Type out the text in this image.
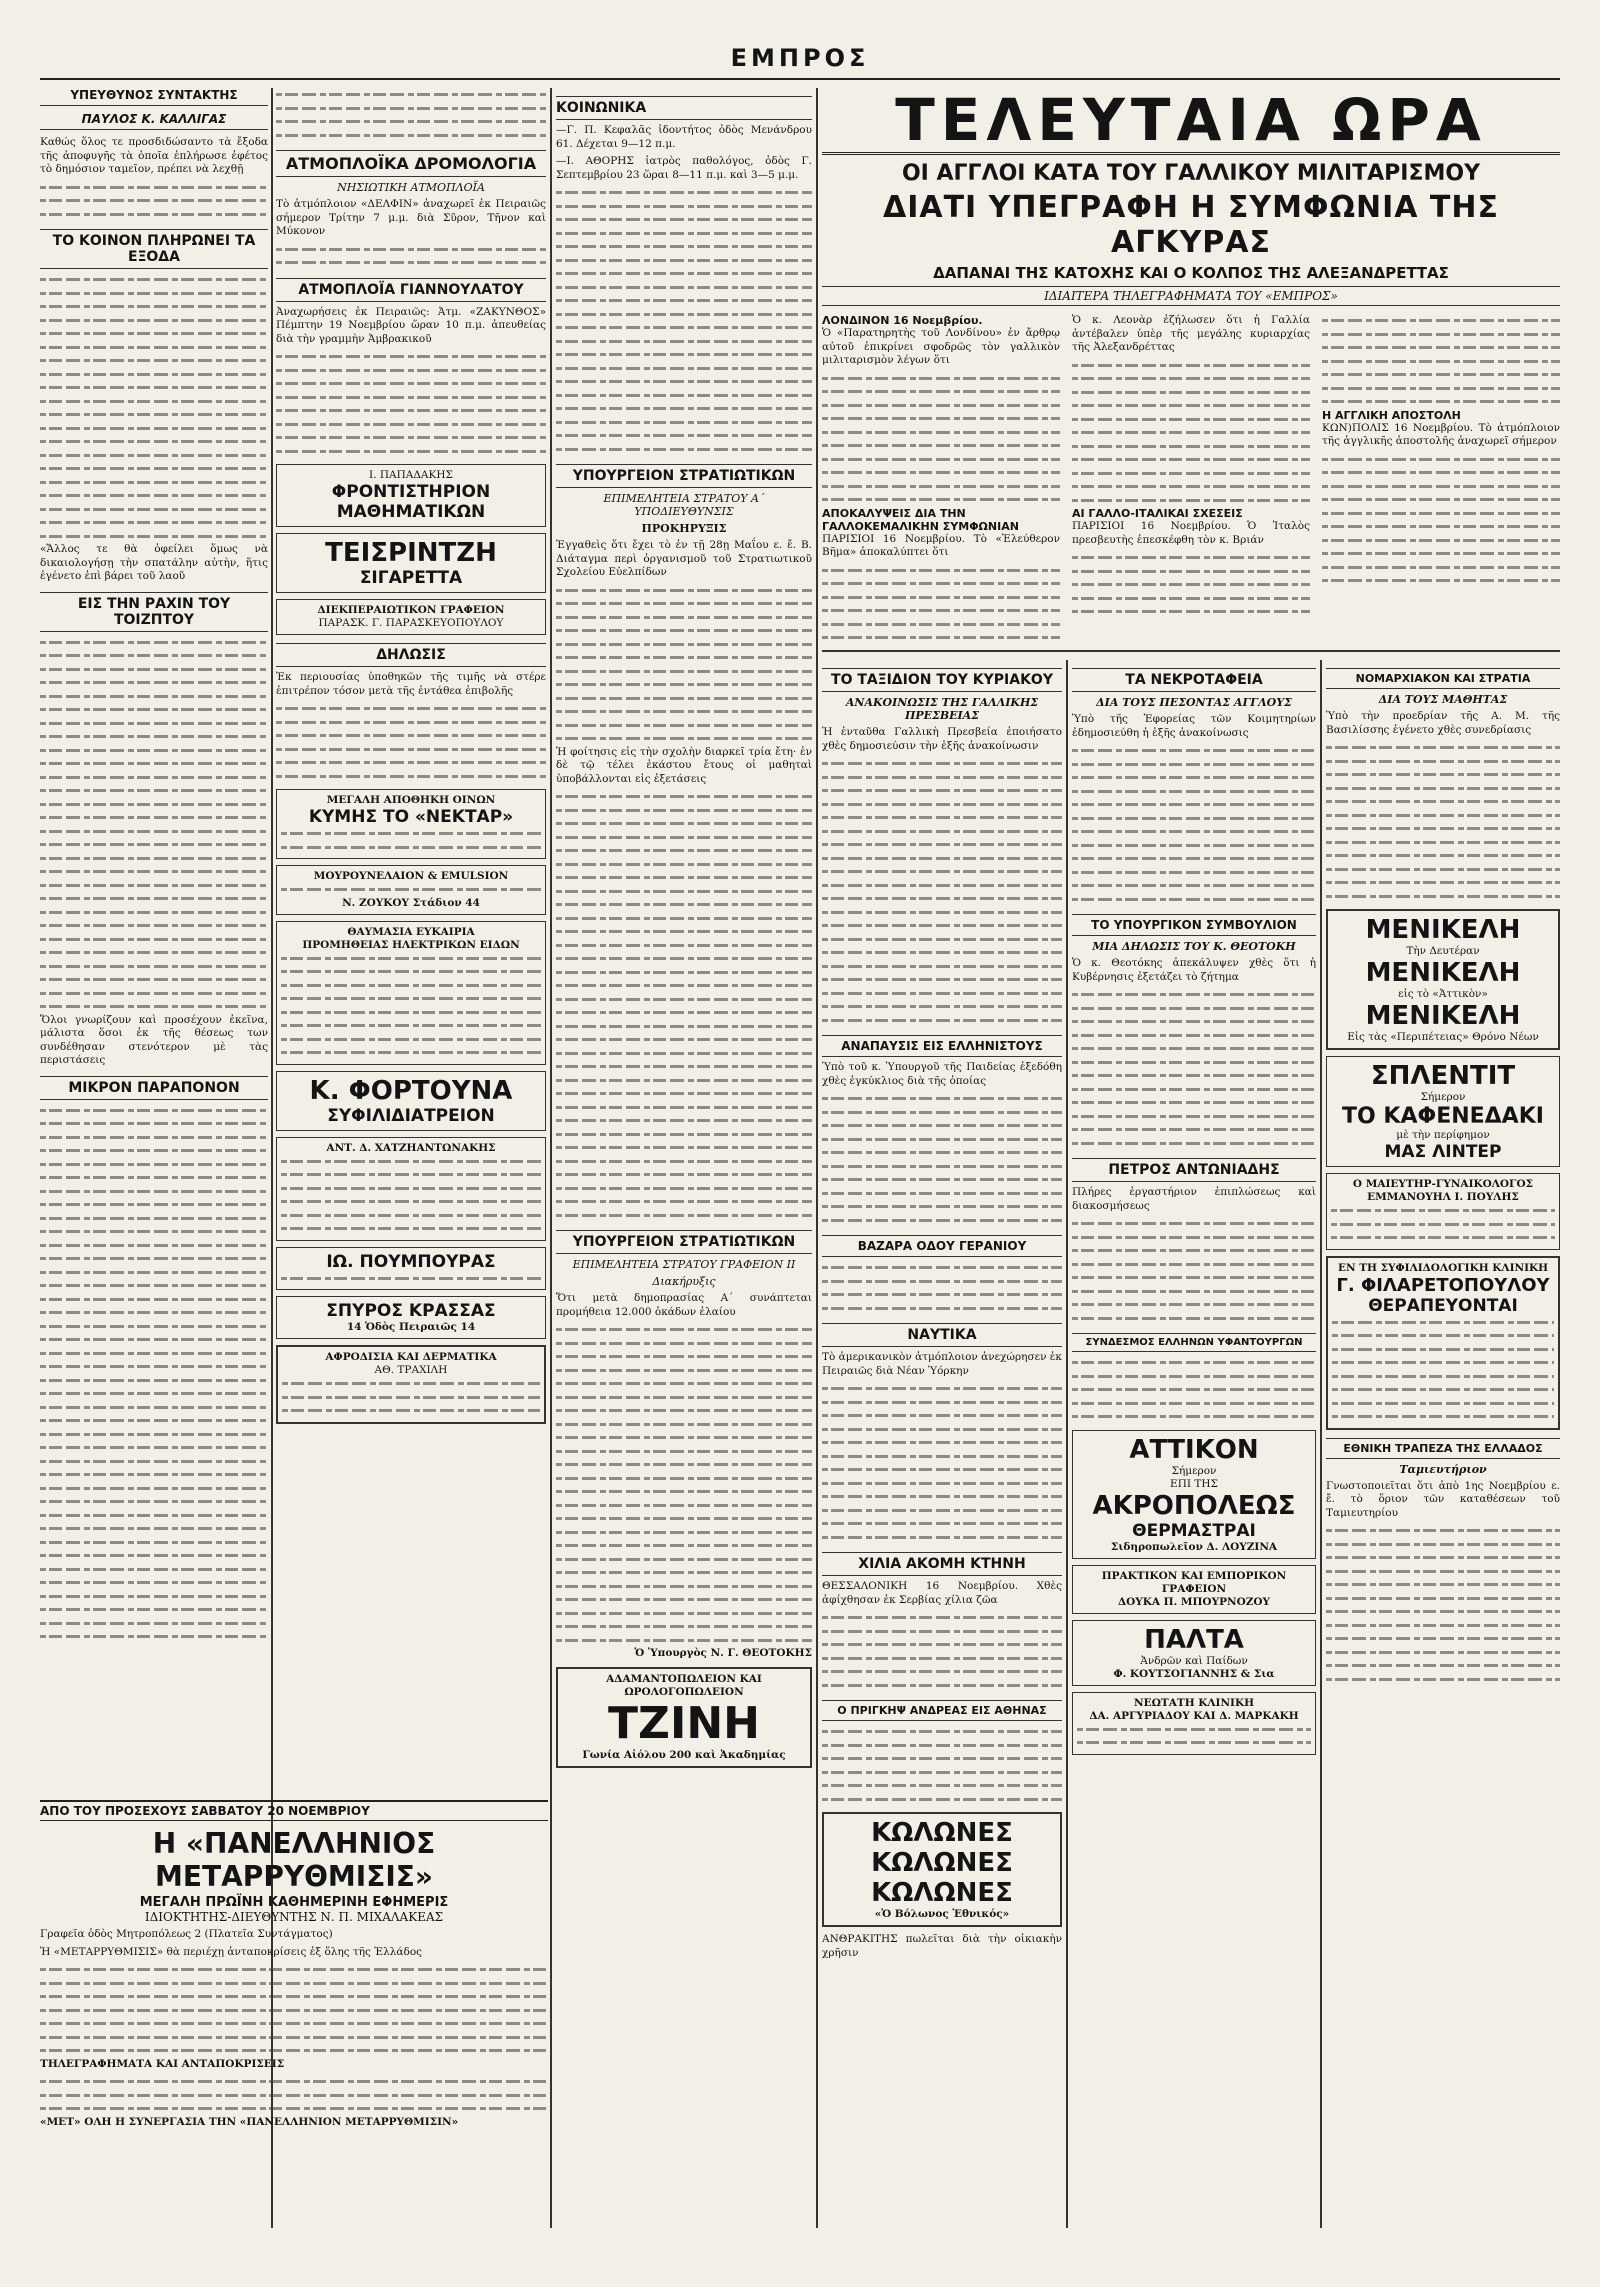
ΕΜΠΡΟΣ
ΥΠΕΥΘΥΝΟΣ ΣΥΝΤΑΚΤΗΣ
ΠΑΥΛΟΣ Κ. ΚΑΛΛΙΓΑΣ

Καθώς ὅλος τε προσδιδώσαντο τὰ ἔξοδα τῆς ἀποφυγῆς τὰ ὁποῖα ἐπλήρωσε ἐφέτος τὸ δημόσιον ταμεῖον, πρέπει νὰ λεχθῇ

ΤΟ ΚΟΙΝΟΝ ΠΛΗΡΩΝΕΙ ΤΑ ΕΞΟΔΑ

«Ἄλλος τε θὰ ὀφείλει ὅμως νὰ δικαιολογήσῃ τὴν σπατάλην αὐτὴν, ἥτις ἐγένετο ἐπὶ βάρει τοῦ λαοῦ

ΕΙΣ ΤΗΝ ΡΑΧΙΝ ΤΟΥ ΤΟΙΖΠΤΟΥ

Ὅλοι γνωρίζουν καὶ προσέχουν ἐκεῖνα, μάλιστα ὅσοι ἐκ τῆς θέσεως των συνδέθησαν στενότερον μὲ τὰς περιστάσεις

ΜΙΚΡΟΝ ΠΑΡΑΠΟΝΟΝ
ΑΠΟ ΤΟΥ ΠΡΟΣΕΧΟΥΣ ΣΑΒΒΑΤΟΥ 20 ΝΟΕΜΒΡΙΟΥ
Η «ΠΑΝΕΛΛΗΝΙΟΣ ΜΕΤΑΡΡΥΘΜΙΣΙΣ»
ΜΕΓΑΛΗ ΠΡΩΪΝΗ ΚΑΘΗΜΕΡΙΝΗ ΕΦΗΜΕΡΙΣ
ΙΔΙΟΚΤΗΤΗΣ-ΔΙΕΥΘΥΝΤΗΣ Ν. Π. ΜΙΧΑΛΑΚΕΑΣ

Γραφεῖα ὁδὸς Μητροπόλεως 2 (Πλατεῖα Συντάγματος)

Ἡ «ΜΕΤΑΡΡΥΘΜΙΣΙΣ» θὰ περιέχῃ ἀνταποκρίσεις ἐξ ὅλης τῆς Ἑλλάδος

ΤΗΛΕΓΡΑΦΗΜΑΤΑ ΚΑΙ ΑΝΤΑΠΟΚΡΙΣΕΙΣ

«ΜΕΤ» ΟΛΗ Η ΣΥΝΕΡΓΑΣΙΑ ΤΗΝ «ΠΑΝΕΛΛΗΝΙΟΝ ΜΕΤΑΡΡΥΘΜΙΣΙΝ»

ΑΤΜΟΠΛΟΪΚΑ ΔΡΟΜΟΛΟΓΙΑ
ΝΗΣΙΩΤΙΚΗ ΑΤΜΟΠΛΟΪΑ

Τὸ ἀτμόπλοιον «ΔΕΛΦΙΝ» ἀναχωρεῖ ἐκ Πειραιῶς σήμερον Τρίτην 7 μ.μ. διὰ Σῦρον, Τῆνον καὶ Μύκονον

ΑΤΜΟΠΛΟΪΑ ΓΙΑΝΝΟΥΛΑΤΟΥ

Ἀναχωρήσεις ἐκ Πειραιῶς: Ἀτμ. «ΖΑΚΥΝΘΟΣ» Πέμπτην 19 Νοεμβρίου ὥραν 10 π.μ. ἀπευθείας διὰ τὴν γραμμὴν Ἀμβρακικοῦ

Ι. ΠΑΠΑΔΑΚΗΣ
ΦΡΟΝΤΙΣΤΗΡΙΟΝ ΜΑΘΗΜΑΤΙΚΩΝ
ΤΕΙΣΡΙΝΤΖΗ
ΣΙΓΑΡΕΤΤΑ
ΔΙΕΚΠΕΡΑΙΩΤΙΚΟΝ ΓΡΑΦΕΙΟΝ
ΠΑΡΑΣΚ. Γ. ΠΑΡΑΣΚΕΥΟΠΟΥΛΟΥ
ΔΗΛΩΣΙΣ

Ἐκ περιουσίας ὑποθηκῶν τῆς τιμῆς νὰ στέρε ἐπιτρέπον τόσον μετὰ τῆς ἐντάθεα ἐπιβολῆς

ΜΕΓΑΛΗ ΑΠΟΘΗΚΗ ΟΙΝΩΝ
ΚΥΜΗΣ ΤΟ «ΝΕΚΤΑΡ»
ΜΟΥΡΟΥΝΕΛΑΙΟΝ & EMULSION
Ν. ΖΟΥΚΟΥ Στάδιον 44
ΘΑΥΜΑΣΙΑ ΕΥΚΑΙΡΙΑ
ΠΡΟΜΗΘΕΙΑΣ ΗΛΕΚΤΡΙΚΩΝ ΕΙΔΩΝ
Κ. ΦΟΡΤΟΥΝΑ
ΣΥΦΙΛΙΔΙΑΤΡΕΙΟΝ
ΑΝΤ. Δ. ΧΑΤΖΗΑΝΤΩΝΑΚΗΣ
ΙΩ. ΠΟΥΜΠΟΥΡΑΣ
ΣΠΥΡΟΣ ΚΡΑΣΣΑΣ
14 Ὁδὸς Πειραιῶς 14
ΑΦΡΟΔΙΣΙΑ ΚΑΙ ΔΕΡΜΑΤΙΚΑ
ΑΘ. ΤΡΑΧΙΛΗ
ΚΟΙΝΩΝΙΚΑ

—Γ. Π. Κεφαλᾶς ἰδοντήτος ὁδὸς Μενάνδρου 61. Δέχεται 9—12 π.μ.

—Ι. ΑΘΟΡΗΣ ἰατρὸς παθολόγος, ὁδὸς Γ. Σεπτεμβρίου 23 ὥραι 8—11 π.μ. καὶ 3—5 μ.μ.

ΥΠΟΥΡΓΕΙΟΝ ΣΤΡΑΤΙΩΤΙΚΩΝ
ΕΠΙΜΕΛΗΤΕΙΑ ΣΤΡΑΤΟΥ Α΄ ΥΠΟΔΙΕΥΘΥΝΣΙΣ
ΠΡΟΚΗΡΥΞΙΣ

Ἐγγαθεὶς ὅτι ἔχει τὸ ἐν τῇ 28ῃ Μαΐου ε. ἔ. Β. Διάταγμα περὶ ὀργανισμοῦ τοῦ Στρατιωτικοῦ Σχολείου Εὐελπίδων

Ἡ φοίτησις εἰς τὴν σχολὴν διαρκεῖ τρία ἔτη· ἐν δὲ τῷ τέλει ἐκάστου ἔτους οἱ μαθηταὶ ὑποβάλλονται εἰς ἐξετάσεις

ΥΠΟΥΡΓΕΙΟΝ ΣΤΡΑΤΙΩΤΙΚΩΝ
ΕΠΙΜΕΛΗΤΕΙΑ ΣΤΡΑΤΟΥ ΓΡΑΦΕΙΟΝ ΙΙ
Διακήρυξις

Ὅτι μετὰ δημοπρασίας Α΄ συνάπτεται προμήθεια 12.000 ὀκάδων ἐλαίου

Ὁ Ὑπουργὸς Ν. Γ. ΘΕΟΤΟΚΗΣ

ΑΔΑΜΑΝΤΟΠΩΛΕΙΟΝ ΚΑΙ ΩΡΟΛΟΓΟΠΩΛΕΙΟΝ
ΤΖΙΝΗ
Γωνία Αἰόλου 200 καὶ Ἀκαδημίας
ΤΕΛΕΥΤΑΙΑ ΩΡΑ
ΟΙ ΑΓΓΛΟΙ ΚΑΤΑ ΤΟΥ ΓΑΛΛΙΚΟΥ ΜΙΛΙΤΑΡΙΣΜΟΥ
ΔΙΑΤΙ ΥΠΕΓΡΑΦΗ Η ΣΥΜΦΩΝΙΑ ΤΗΣ ΑΓΚΥΡΑΣ
ΔΑΠΑΝΑΙ ΤΗΣ ΚΑΤΟΧΗΣ ΚΑΙ Ο ΚΟΛΠΟΣ ΤΗΣ ΑΛΕΞΑΝΔΡΕΤΤΑΣ
ΙΔΙΑΙΤΕΡΑ ΤΗΛΕΓΡΑΦΗΜΑΤΑ ΤΟΥ «ΕΜΠΡΟΣ»
ΛΟΝΔΙΝΟΝ 16 Νοεμβρίου.

Ὁ «Παρατηρητὴς τοῦ Λονδίνου» ἐν ἄρθρῳ αὐτοῦ ἐπικρίνει σφοδρῶς τὸν γαλλικὸν μιλιταρισμὸν λέγων ὅτι

ΑΠΟΚΑΛΥΨΕΙΣ ΔΙΑ ΤΗΝ ΓΑΛΛΟΚΕΜΑΛΙΚΗΝ ΣΥΜΦΩΝΙΑΝ

ΠΑΡΙΣΙΟΙ 16 Νοεμβρίου. Τὸ «Ἐλεύθερον Βῆμα» ἀποκαλύπτει ὅτι

Ὁ κ. Λεονὰρ ἐζήλωσεν ὅτι ἡ Γαλλία ἀντέβαλεν ὑπὲρ τῆς μεγάλης κυριαρχίας τῆς Ἀλεξανδρέττας

ΑΙ ΓΑΛΛΟ-ΙΤΑΛΙΚΑΙ ΣΧΕΣΕΙΣ

ΠΑΡΙΣΙΟΙ 16 Νοεμβρίου. Ὁ Ἰταλὸς πρεσβευτὴς ἐπεσκέφθη τὸν κ. Βριάν

Η ΑΓΓΛΙΚΗ ΑΠΟΣΤΟΛΗ

ΚΩΝ)ΠΟΛΙΣ 16 Νοεμβρίου. Τὸ ἀτμόπλοιον τῆς ἀγγλικῆς ἀποστολῆς ἀναχωρεῖ σήμερον

ΤΟ ΤΑΞΙΔΙΟΝ ΤΟΥ ΚΥΡΙΑΚΟΥ
ΑΝΑΚΟΙΝΩΣΙΣ ΤΗΣ ΓΑΛΛΙΚΗΣ ΠΡΕΣΒΕΙΑΣ

Ἡ ἐνταῦθα Γαλλικὴ Πρεσβεία ἐποιήσατο χθὲς δημοσιεύσιν τὴν ἑξῆς ἀνακοίνωσιν

ΑΝΑΠΑΥΣΙΣ ΕΙΣ ΕΛΛΗΝΙΣΤΟΥΣ

Ὑπὸ τοῦ κ. Ὑπουργοῦ τῆς Παιδείας ἐξεδόθη χθὲς ἐγκύκλιος διὰ τῆς ὁποίας

ΒΑΖΑΡΑ ΟΔΟΥ ΓΕΡΑΝΙΟΥ
ΝΑΥΤΙΚΑ

Τὸ ἀμερικανικὸν ἀτμόπλοιον ἀνεχώρησεν ἐκ Πειραιῶς διὰ Νέαν Ὑόρκην

ΧΙΛΙΑ ΑΚΟΜΗ ΚΤΗΝΗ

ΘΕΣΣΑΛΟΝΙΚΗ 16 Νοεμβρίου. Χθὲς ἀφίχθησαν ἐκ Σερβίας χίλια ζῶα

Ο ΠΡΙΓΚΗΨ ΑΝΔΡΕΑΣ ΕΙΣ ΑΘΗΝΑΣ
ΚΩΛΩΝΕΣ
ΚΩΛΩΝΕΣ
ΚΩΛΩΝΕΣ
«Ὁ Βόλωνος Ἐθνικός»

ΑΝΘΡΑΚΙΤΗΣ πωλεῖται διὰ τὴν οἰκιακὴν χρῆσιν

ΤΑ ΝΕΚΡΟΤΑΦΕΙΑ
ΔΙΑ ΤΟΥΣ ΠΕΣΟΝΤΑΣ ΑΓΓΛΟΥΣ

Ὑπὸ τῆς Ἐφορείας τῶν Κοιμητηρίων ἐδημοσιεύθη ἡ ἑξῆς ἀνακοίνωσις

ΤΟ ΥΠΟΥΡΓΙΚΟΝ ΣΥΜΒΟΥΛΙΟΝ
ΜΙΑ ΔΗΛΩΣΙΣ ΤΟΥ Κ. ΘΕΟΤΟΚΗ

Ὁ κ. Θεοτόκης ἀπεκάλυψεν χθὲς ὅτι ἡ Κυβέρνησις ἐξετάζει τὸ ζήτημα

ΠΕΤΡΟΣ ΑΝΤΩΝΙΑΔΗΣ

Πλήρες ἐργαστήριον ἐπιπλώσεως καὶ διακοσμήσεως

ΣΥΝΔΕΣΜΟΣ ΕΛΛΗΝΩΝ ΥΦΑΝΤΟΥΡΓΩΝ
ΑΤΤΙΚΟΝ
Σήμερον
ΕΠΙ ΤΗΣ
ΑΚΡΟΠΟΛΕΩΣ
ΘΕΡΜΑΣΤΡΑΙ
Σιδηροπωλεῖον Δ. ΛΟΥΖΙΝΑ
ΠΡΑΚΤΙΚΟΝ ΚΑΙ ΕΜΠΟΡΙΚΟΝ ΓΡΑΦΕΙΟΝ
ΔΟΥΚΑ Π. ΜΠΟΥΡΝΟΖΟΥ
ΠΑΛΤΑ
Ἀνδρῶν καὶ Παίδων
Φ. ΚΟΥΤΣΟΓΙΑΝΝΗΣ & Σια
ΝΕΩΤΑΤΗ ΚΛΙΝΙΚΗ
ΔΑ. ΑΡΓΥΡΙΑΔΟΥ ΚΑΙ Δ. ΜΑΡΚΑΚΗ
ΝΟΜΑΡΧΙΑΚΟΝ ΚΑΙ ΣΤΡΑΤΙΑ
ΔΙΑ ΤΟΥΣ ΜΑΘΗΤΑΣ

Ὑπὸ τὴν προεδρίαν τῆς Α. Μ. τῆς Βασιλίσσης ἐγένετο χθὲς συνεδρίασις

ΜΕΝΙΚΕΛΗ
Τὴν Δευτέραν
ΜΕΝΙΚΕΛΗ
εἰς τὸ «Ἀττικὸν»
ΜΕΝΙΚΕΛΗ
Εἰς τὰς «Περιπέτειας» Θρόνο Νέων
ΣΠΛΕΝΤΙΤ
Σήμερον
ΤΟ ΚΑΦΕΝΕΔΑΚΙ
μὲ τὴν περίφημον
ΜΑΣ ΛΙΝΤΕΡ
Ο ΜΑΙΕΥΤΗΡ-ΓΥΝΑΙΚΟΛΟΓΟΣ
ΕΜΜΑΝΟΥΗΛ Ι. ΠΟΥΛΗΣ
ΕΝ ΤΗ ΣΥΦΙΛΙΔΟΛΟΓΙΚΗ ΚΛΙΝΙΚΗ
Γ. ΦΙΛΑΡΕΤΟΠΟΥΛΟΥ
ΘΕΡΑΠΕΥΟΝΤΑΙ
ΕΘΝΙΚΗ ΤΡΑΠΕΖΑ ΤΗΣ ΕΛΛΑΔΟΣ
Ταμιευτήριον

Γνωστοποιεῖται ὅτι ἀπὸ 1ης Νοεμβρίου ε. ἔ. τὸ ὅριον τῶν καταθέσεων τοῦ Ταμιευτηρίου
